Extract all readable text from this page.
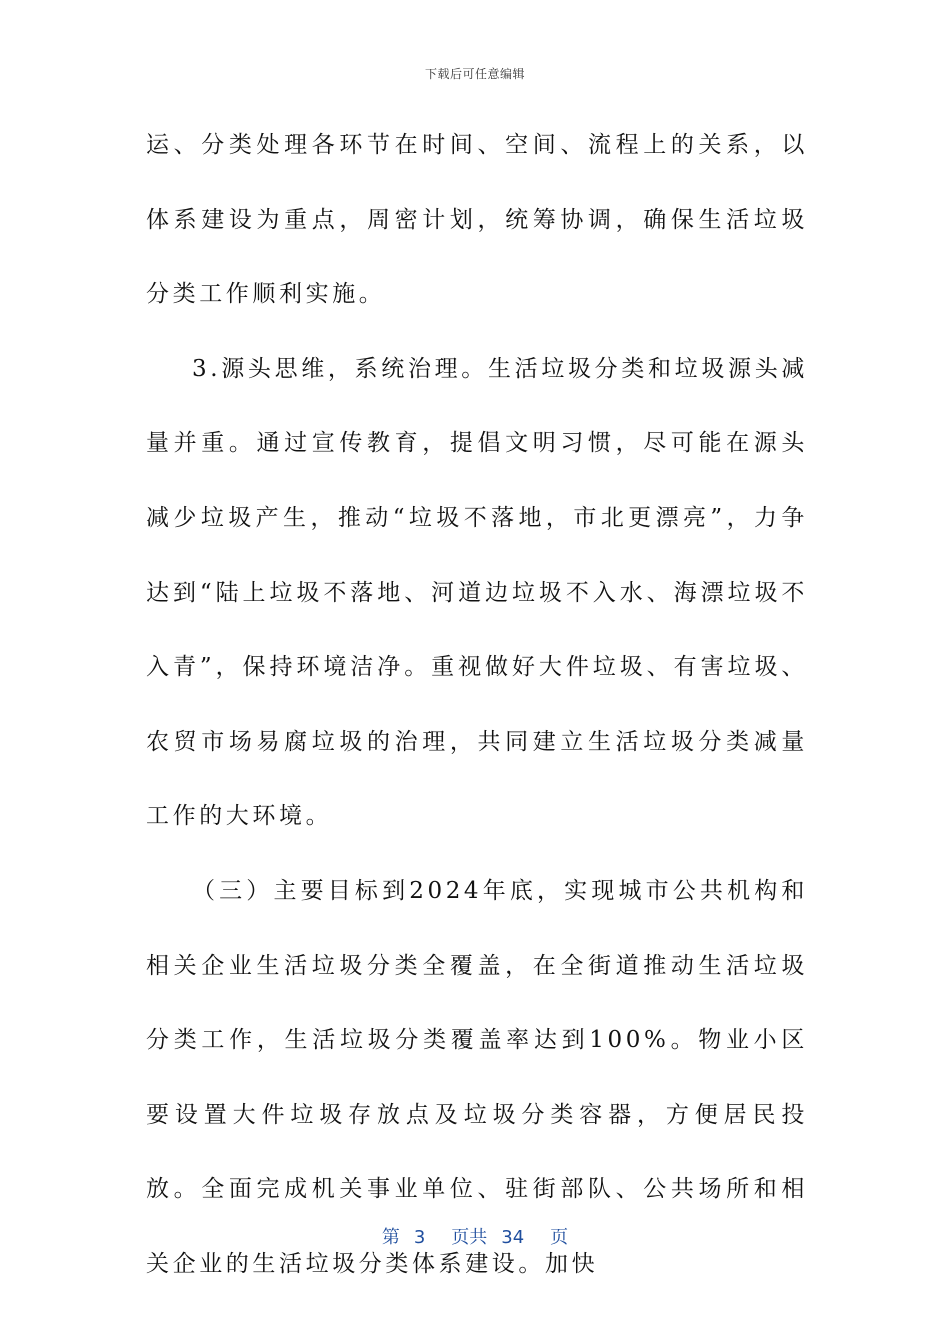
下载后可任意编辑

运、分类处理各环节在时间、空间、流程上的关系，以体系建设为重点，周密计划，统筹协调，确保生活垃圾分类工作顺利实施。

3.源头思维，系统治理。生活垃圾分类和垃圾源头减量并重。通过宣传教育，提倡文明习惯，尽可能在源头减少垃圾产生，推动“垃圾不落地，市北更漂亮”，力争达到“陆上垃圾不落地、河道边垃圾不入水、海漂垃圾不入青”，保持环境洁净。重视做好大件垃圾、有害垃圾、农贸市场易腐垃圾的治理，共同建立生活垃圾分类减量工作的大环境。

（三）主要目标到2024年底，实现城市公共机构和相关企业生活垃圾分类全覆盖，在全街道推动生活垃圾分类工作，生活垃圾分类覆盖率达到100%。物业小区要设置大件垃圾存放点及垃圾分类容器，方便居民投放。全面完成机关事业单位、驻街部队、公共场所和相关企业的生活垃圾分类体系建设。加快

第 3 页共 34 页
